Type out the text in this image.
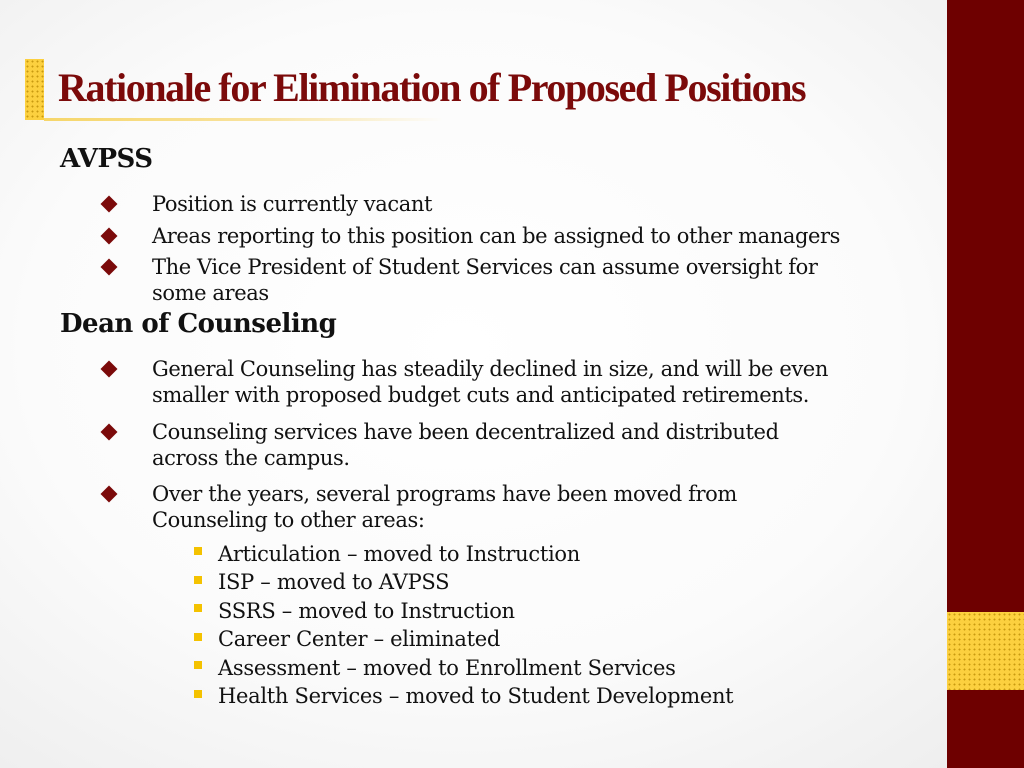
Rationale for Elimination of Proposed Positions
AVPSS
Position is currently vacant
Areas reporting to this position can be assigned to other managers
The Vice President of Student Services can assume oversight for some areas
Dean of Counseling
General Counseling has steadily declined in size, and will be even smaller with proposed budget cuts and anticipated retirements.
Counseling services have been decentralized and distributed across the campus.
Over the years, several programs have been moved from Counseling to other areas:
Articulation – moved to Instruction
ISP – moved to AVPSS
SSRS – moved to Instruction
Career Center – eliminated
Assessment – moved to Enrollment Services
Health Services – moved to Student Development
